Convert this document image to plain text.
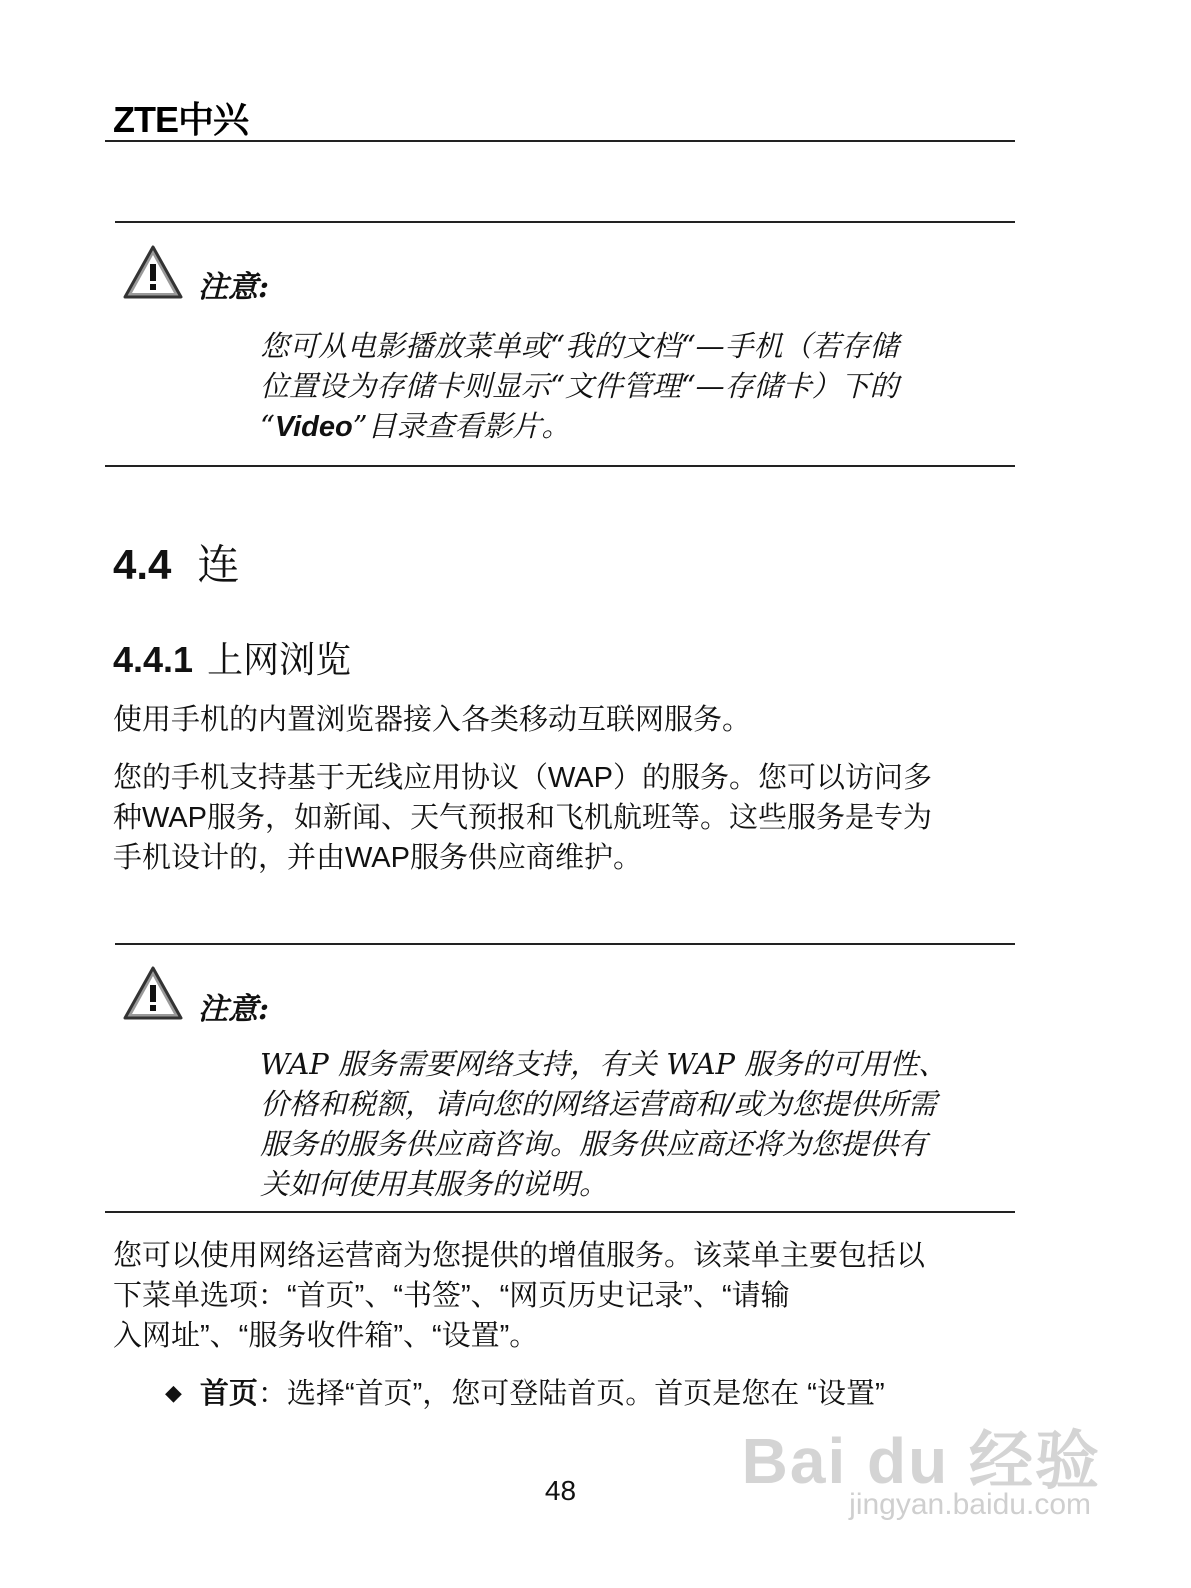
ZTE中兴
注意:
您可从电影播放菜单或“我的文档“—手机（若存储
位置设为存储卡则显示“文件管理“—存储卡）下的
“Video”目录查看影片。
4.4 连
4.4.1 上网浏览
使用手机的内置浏览器接入各类移动互联网服务。
您的手机支持基于无线应用协议（WAP）的服务。您可以访问多
种WAP服务，如新闻、天气预报和飞机航班等。这些服务是专为
手机设计的，并由WAP服务供应商维护。
注意:
WAP 服务需要网络支持，有关 WAP 服务的可用性、
价格和税额，请向您的网络运营商和/或为您提供所需
服务的服务供应商咨询。服务供应商还将为您提供有
关如何使用其服务的说明。
您可以使用网络运营商为您提供的增值服务。该菜单主要包括以
下菜单选项：“首页”、“书签”、“网页历史记录”、“请输
入网址”、“服务收件箱”、“设置”。
◆ 首页：选择“首页”，您可登陆首页。首页是您在 “设置”
48	Bai du 经验
jingyan.baidu.com
